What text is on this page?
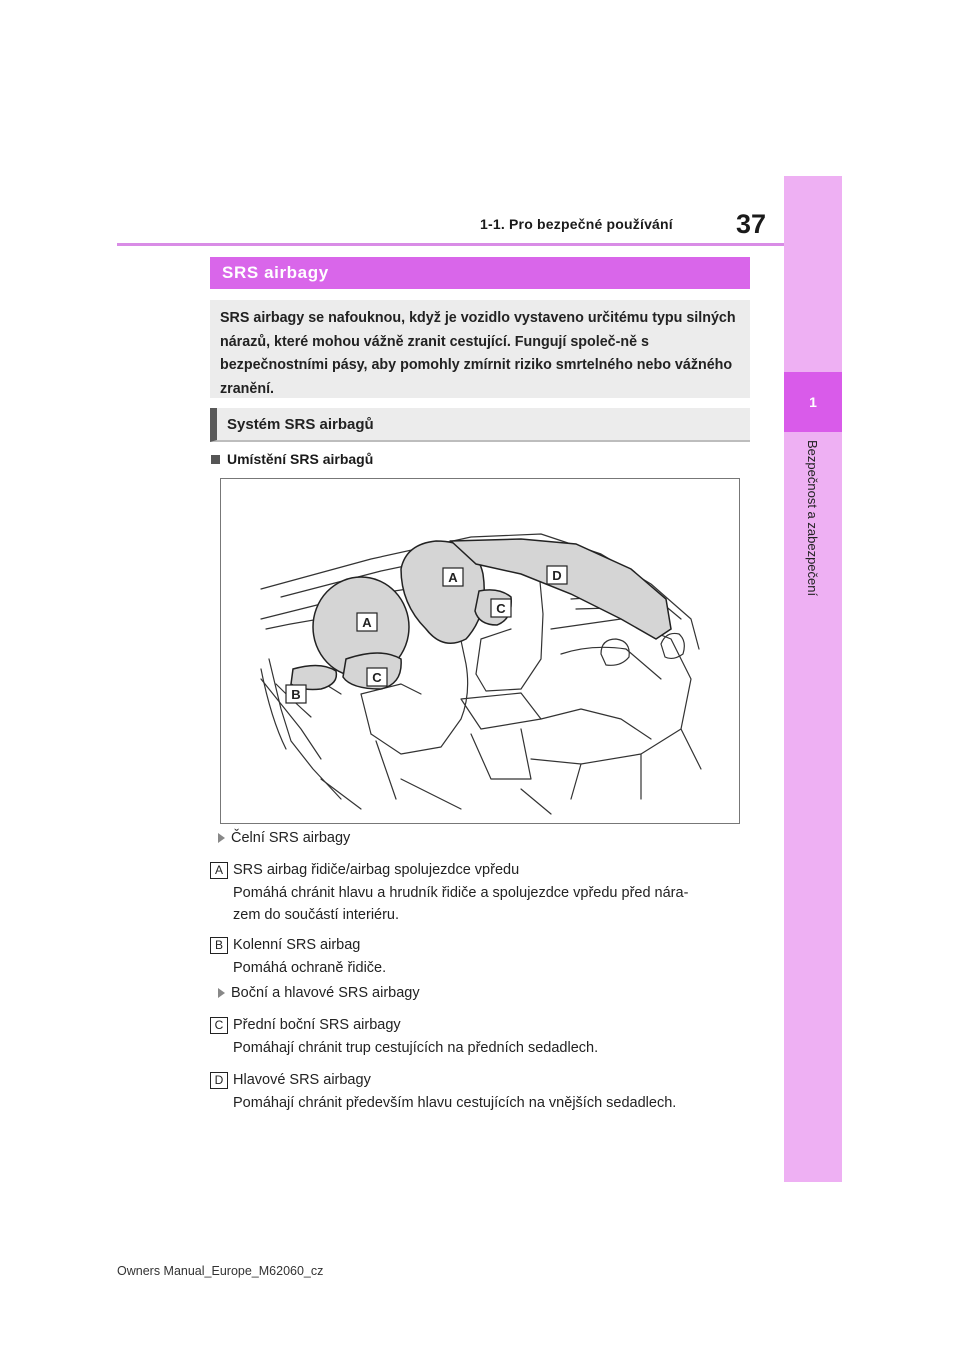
1-1. Pro bezpečné používání	37
1
Bezpečnost a zabezpečení
SRS airbagy
SRS airbagy se nafouknou, když je vozidlo vystaveno určitému typu silných nárazů, které mohou vážně zranit cestující. Fungují společ-ně s bezpečnostními pásy, aby pomohly zmírnit riziko smrtelného nebo vážného zranění.
Systém SRS airbagů
Umístění SRS airbagů
A	D
C
A
C
B
Čelní SRS airbagy
A SRS airbag řidiče/airbag spolujezdce vpředu
Pomáhá chránit hlavu a hrudník řidiče a spolujezdce vpředu před nára-
zem do součástí interiéru.
B Kolenní SRS airbag
Pomáhá ochraně řidiče.
Boční a hlavové SRS airbagy
C Přední boční SRS airbagy
Pomáhají chránit trup cestujících na předních sedadlech.
D Hlavové SRS airbagy
Pomáhají chránit především hlavu cestujících na vnějších sedadlech.
Owners Manual_Europe_M62060_cz
